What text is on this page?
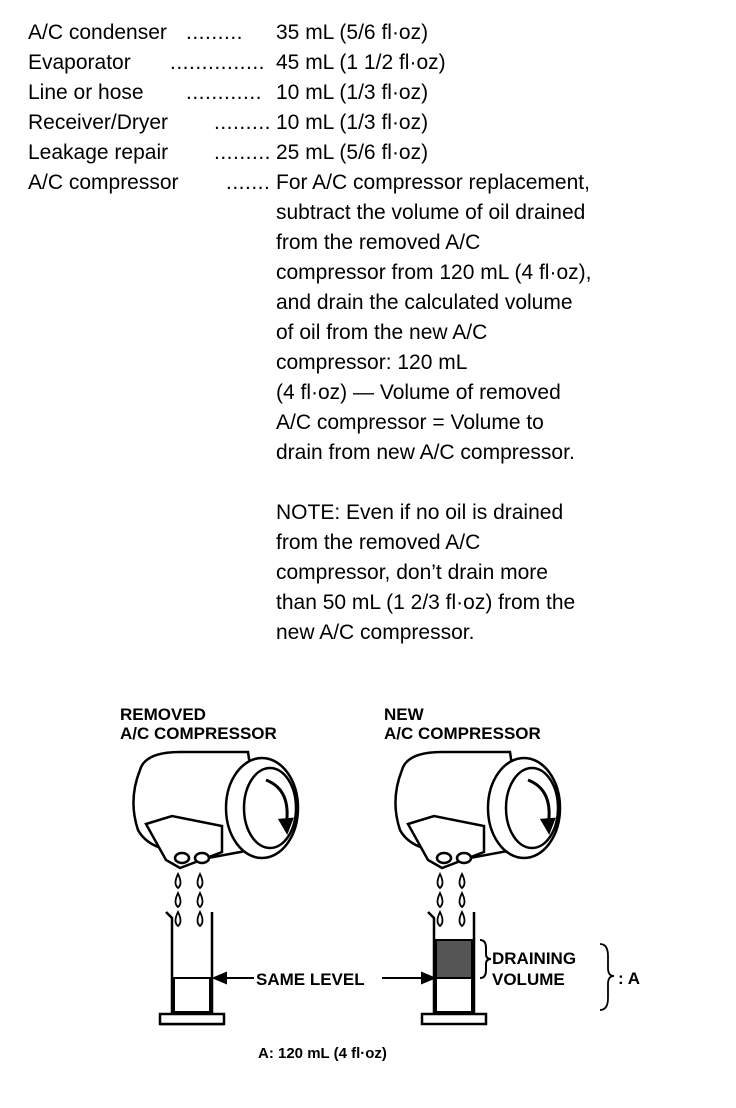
A/C condenser ......... 35 mL (5/6 fl·oz)
Evaporator ............... 45 mL (1 1/2 fl·oz)
Line or hose ............ 10 mL (1/3 fl·oz)
Receiver/Dryer ......... 10 mL (1/3 fl·oz)
Leakage repair ......... 25 mL (5/6 fl·oz)
A/C compressor ....... For A/C compressor replacement,
subtract the volume of oil drained
from the removed A/C
compressor from 120 mL (4 fl·oz),
and drain the calculated volume
of oil from the new A/C
compressor: 120 mL
(4 fl·oz) — Volume of removed
A/C compressor = Volume to
drain from new A/C compressor.
NOTE: Even if no oil is drained
from the removed A/C
compressor, don’t drain more
than 50 mL (1 2/3 fl·oz) from the
new A/C compressor.
REMOVED
A/C COMPRESSOR
NEW
A/C COMPRESSOR
SAME LEVEL
DRAINING
VOLUME	: A
A: 120 mL (4 fl·oz)
